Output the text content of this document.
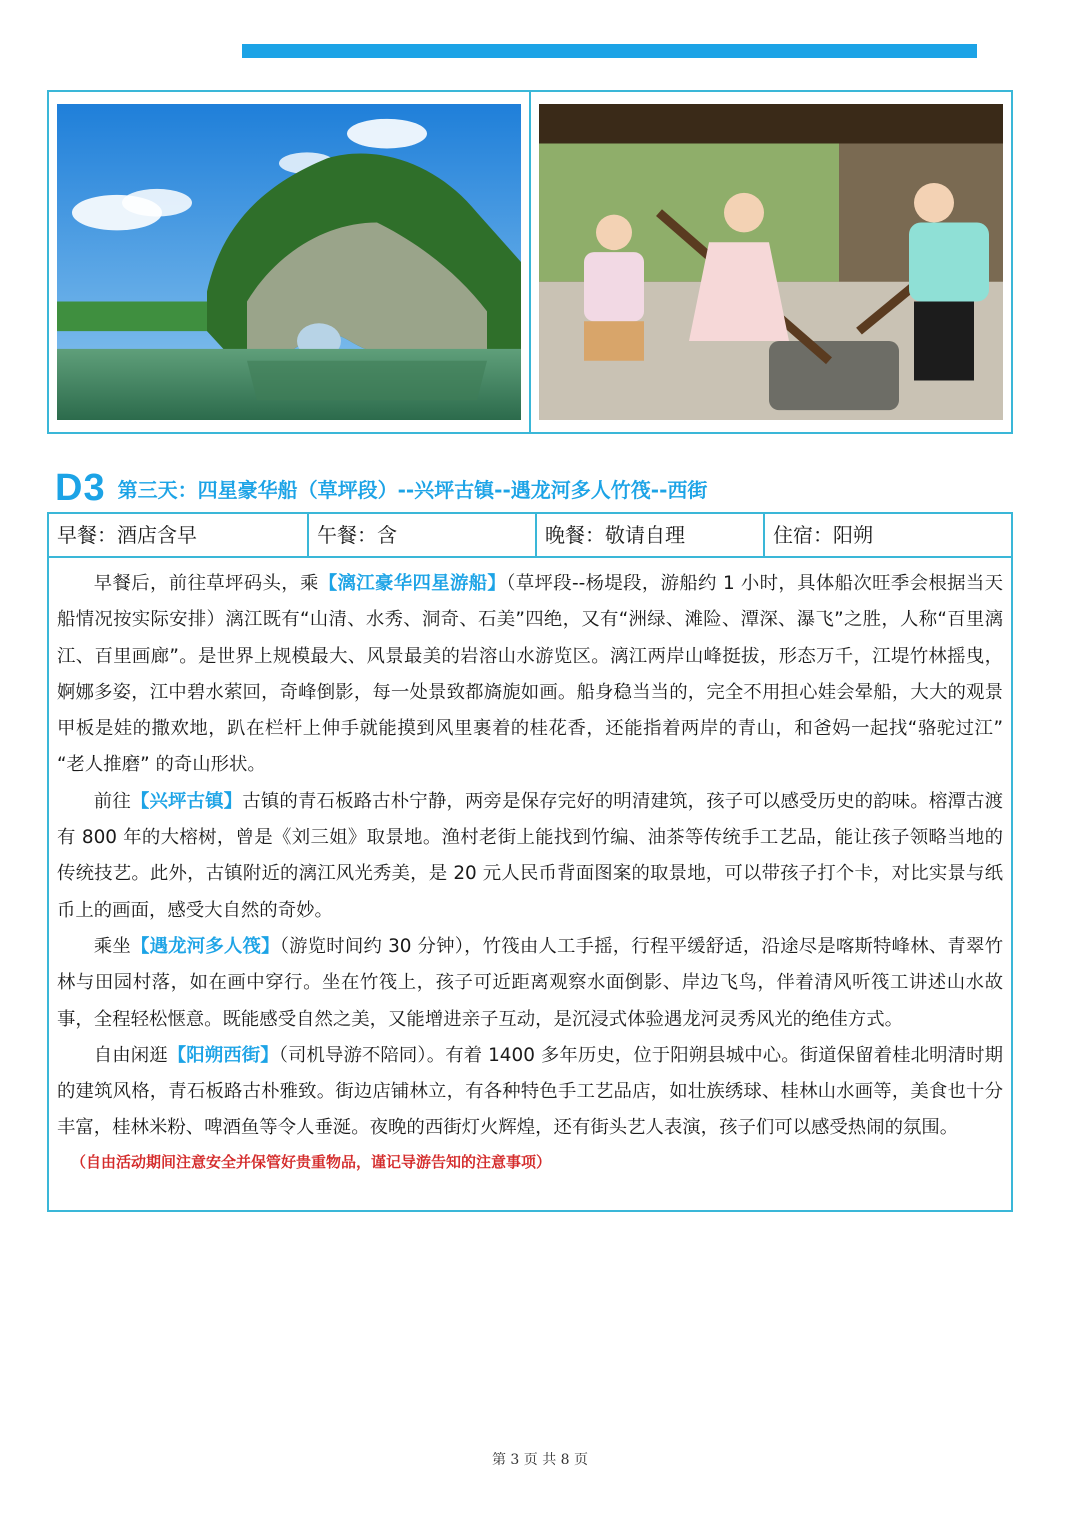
D3 第三天：四星豪华船（草坪段）--兴坪古镇--遇龙河多人竹筏--西街
早餐：酒店含早	午餐：含	晚餐：敬请自理	住宿：阳朔

早餐后，前往草坪码头，乘【漓江豪华四星游船】（草坪段--杨堤段，游船约 1 小时，具体船次旺季会根据当天船情况按实际安排）漓江既有“山清、水秀、洞奇、石美”四绝，又有“洲绿、滩险、潭深、瀑飞”之胜，人称“百里漓江、百里画廊”。是世界上规模最大、风景最美的岩溶山水游览区。漓江两岸山峰挺拔，形态万千，江堤竹林摇曳，婀娜多姿，江中碧水萦回，奇峰倒影，每一处景致都旖旎如画。船身稳当当的，完全不用担心娃会晕船，大大的观景甲板是娃的撒欢地，趴在栏杆上伸手就能摸到风里裹着的桂花香，还能指着两岸的青山，和爸妈一起找“骆驼过江” “老人推磨” 的奇山形状。

前往【兴坪古镇】古镇的青石板路古朴宁静，两旁是保存完好的明清建筑，孩子可以感受历史的韵味。榕潭古渡有 800 年的大榕树，曾是《刘三姐》取景地。渔村老街上能找到竹编、油茶等传统手工艺品，能让孩子领略当地的传统技艺。此外，古镇附近的漓江风光秀美，是 20 元人民币背面图案的取景地，可以带孩子打个卡，对比实景与纸币上的画面，感受大自然的奇妙。

乘坐【遇龙河多人筏】（游览时间约 30 分钟），竹筏由人工手摇，行程平缓舒适，沿途尽是喀斯特峰林、青翠竹林与田园村落，如在画中穿行。坐在竹筏上，孩子可近距离观察水面倒影、岸边飞鸟，伴着清风听筏工讲述山水故事，全程轻松惬意。既能感受自然之美，又能增进亲子互动，是沉浸式体验遇龙河灵秀风光的绝佳方式。

自由闲逛【阳朔西街】（司机导游不陪同）。有着 1400 多年历史，位于阳朔县城中心。街道保留着桂北明清时期的建筑风格，青石板路古朴雅致。街边店铺林立，有各种特色手工艺品店，如壮族绣球、桂林山水画等，美食也十分丰富，桂林米粉、啤酒鱼等令人垂涎。夜晚的西街灯火辉煌，还有街头艺人表演，孩子们可以感受热闹的氛围。

（自由活动期间注意安全并保管好贵重物品，谨记导游告知的注意事项）

第 3 页 共 8 页
